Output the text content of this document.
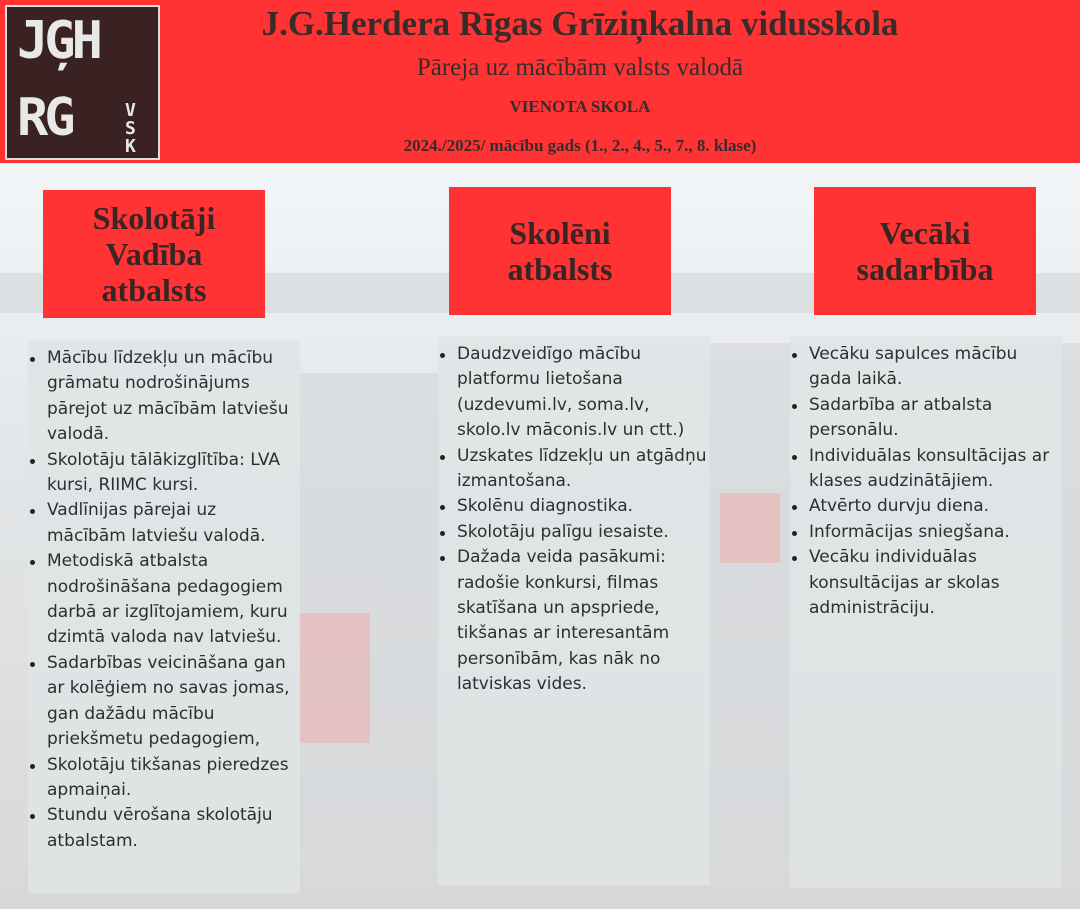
JĢH
RG	V
S
K
J.G.Herdera Rīgas Grīziņkalna vidusskola
Pāreja uz mācībām valsts valodā
VIENOTA SKOLA
2024./2025/ mācību gads (1., 2., 4., 5., 7., 8. klase)
Skolotāji
Vadība
atbalsts
Skolēni
atbalsts
Vecāki
sadarbība
Mācību līdzekļu un mācību grāmatu nodrošinājums pārejot uz mācībām latviešu valodā.
Skolotāju tālākizglītība: LVA kursi, RIIMC kursi.
Vadlīnijas pārejai uz mācībām latviešu valodā.
Metodiskā atbalsta nodrošināšana pedagogiem darbā ar izglītojamiem, kuru dzimtā valoda nav latviešu.
Sadarbības veicināšana gan ar kolēģiem no savas jomas, gan dažādu mācību priekšmetu pedagogiem,
Skolotāju tikšanas pieredzes apmaiņai.
Stundu vērošana skolotāju atbalstam.
Daudzveidīgo mācību platformu lietošana (uzdevumi.lv, soma.lv, skolo.lv māconis.lv un ctt.)
Uzskates līdzekļu un atgādņu izmantošana.
Skolēnu diagnostika.
Skolotāju palīgu iesaiste.
Dažada veida pasākumi: radošie konkursi, filmas skatīšana un apspriede, tikšanas ar interesantām personībām, kas nāk no latviskas vides.
Vecāku sapulces mācību gada laikā.
Sadarbība ar atbalsta personālu.
Individuālas konsultācijas ar klases audzinātājiem.
Atvērto durvju diena.
Informācijas sniegšana.
Vecāku individuālas konsultācijas ar skolas administrāciju.
